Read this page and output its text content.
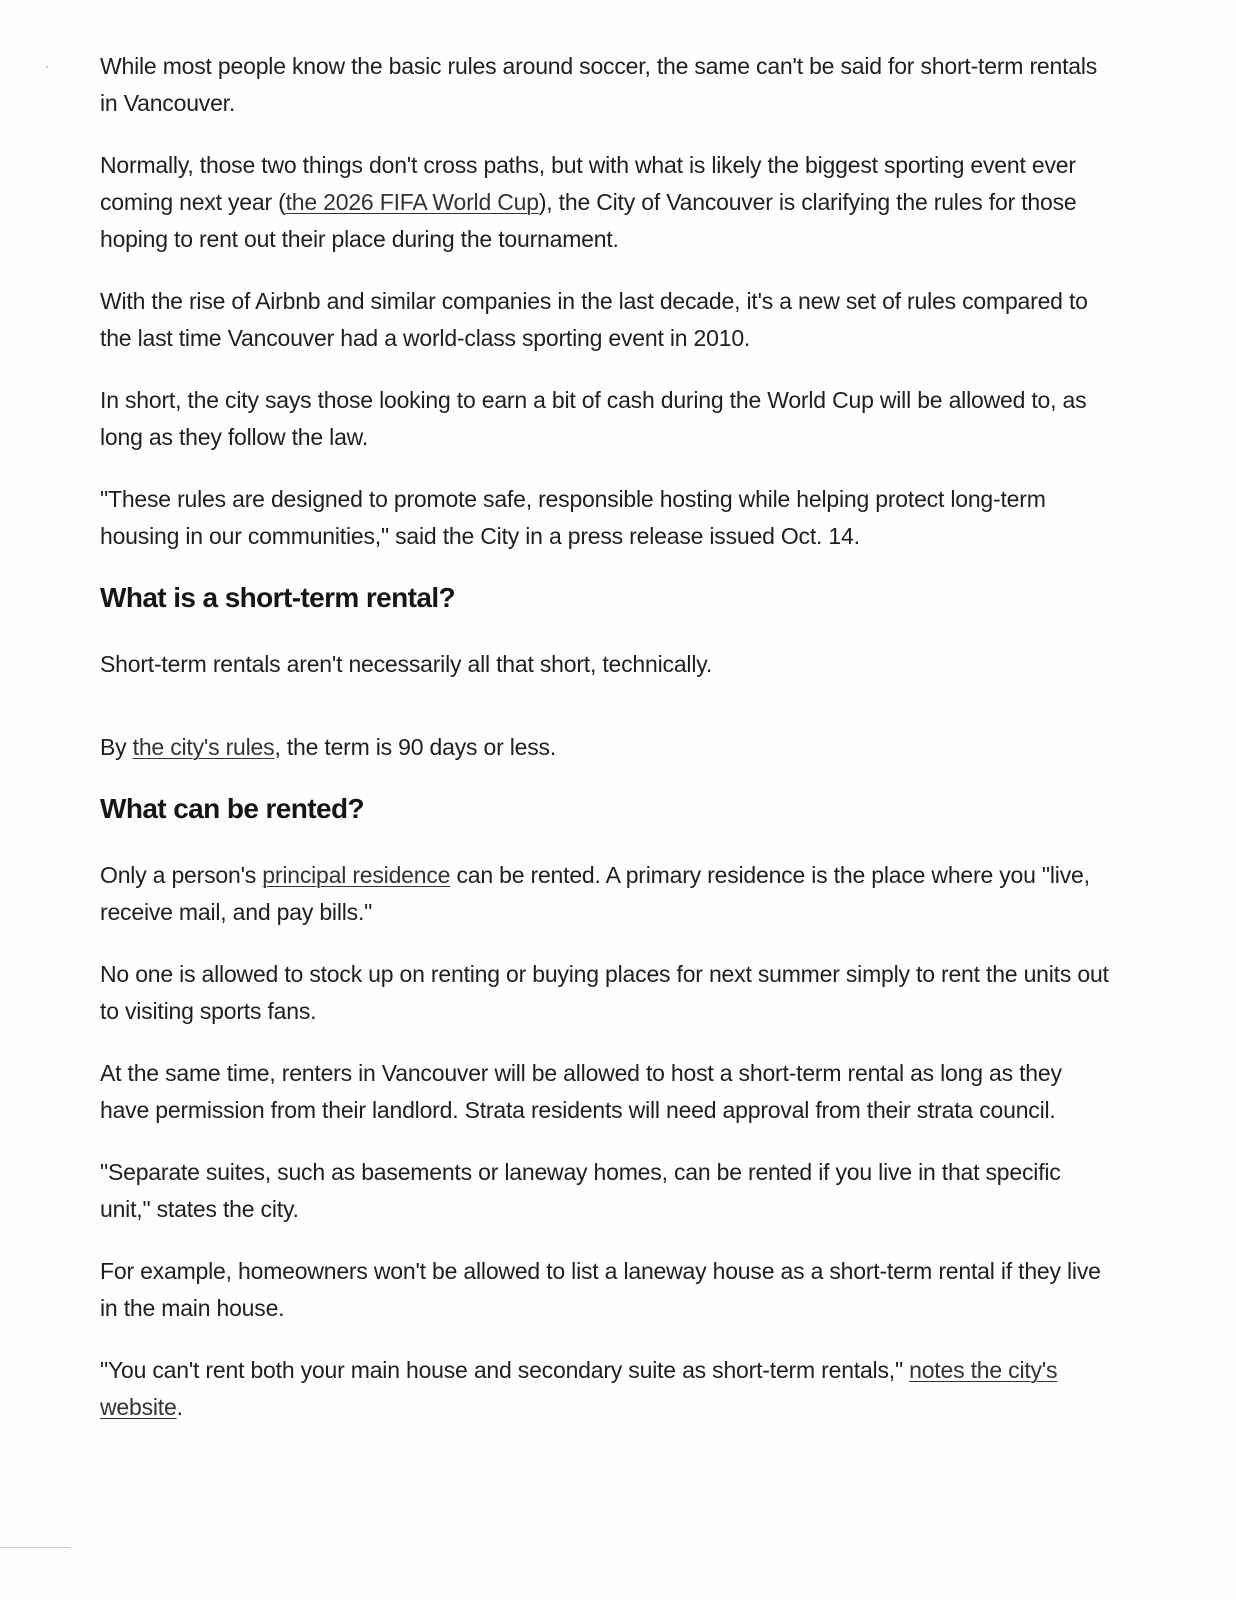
While most people know the basic rules around soccer, the same can't be said for short-term rentals in Vancouver.

Normally, those two things don't cross paths, but with what is likely the biggest sporting event ever coming next year (the 2026 FIFA World Cup), the City of Vancouver is clarifying the rules for those hoping to rent out their place during the tournament.

With the rise of Airbnb and similar companies in the last decade, it's a new set of rules compared to the last time Vancouver had a world-class sporting event in 2010.

In short, the city says those looking to earn a bit of cash during the World Cup will be allowed to, as long as they follow the law.

"These rules are designed to promote safe, responsible hosting while helping protect long-term housing in our communities," said the City in a press release issued Oct. 14.

What is a short-term rental?

Short-term rentals aren't necessarily all that short, technically.

By the city's rules, the term is 90 days or less.

What can be rented?

Only a person's principal residence can be rented. A primary residence is the place where you "live, receive mail, and pay bills."

No one is allowed to stock up on renting or buying places for next summer simply to rent the units out to visiting sports fans.

At the same time, renters in Vancouver will be allowed to host a short-term rental as long as they have permission from their landlord. Strata residents will need approval from their strata council.

"Separate suites, such as basements or laneway homes, can be rented if you live in that specific unit," states the city.

For example, homeowners won't be allowed to list a laneway house as a short-term rental if they live in the main house.

"You can't rent both your main house and secondary suite as short-term rentals," notes the city's website.
